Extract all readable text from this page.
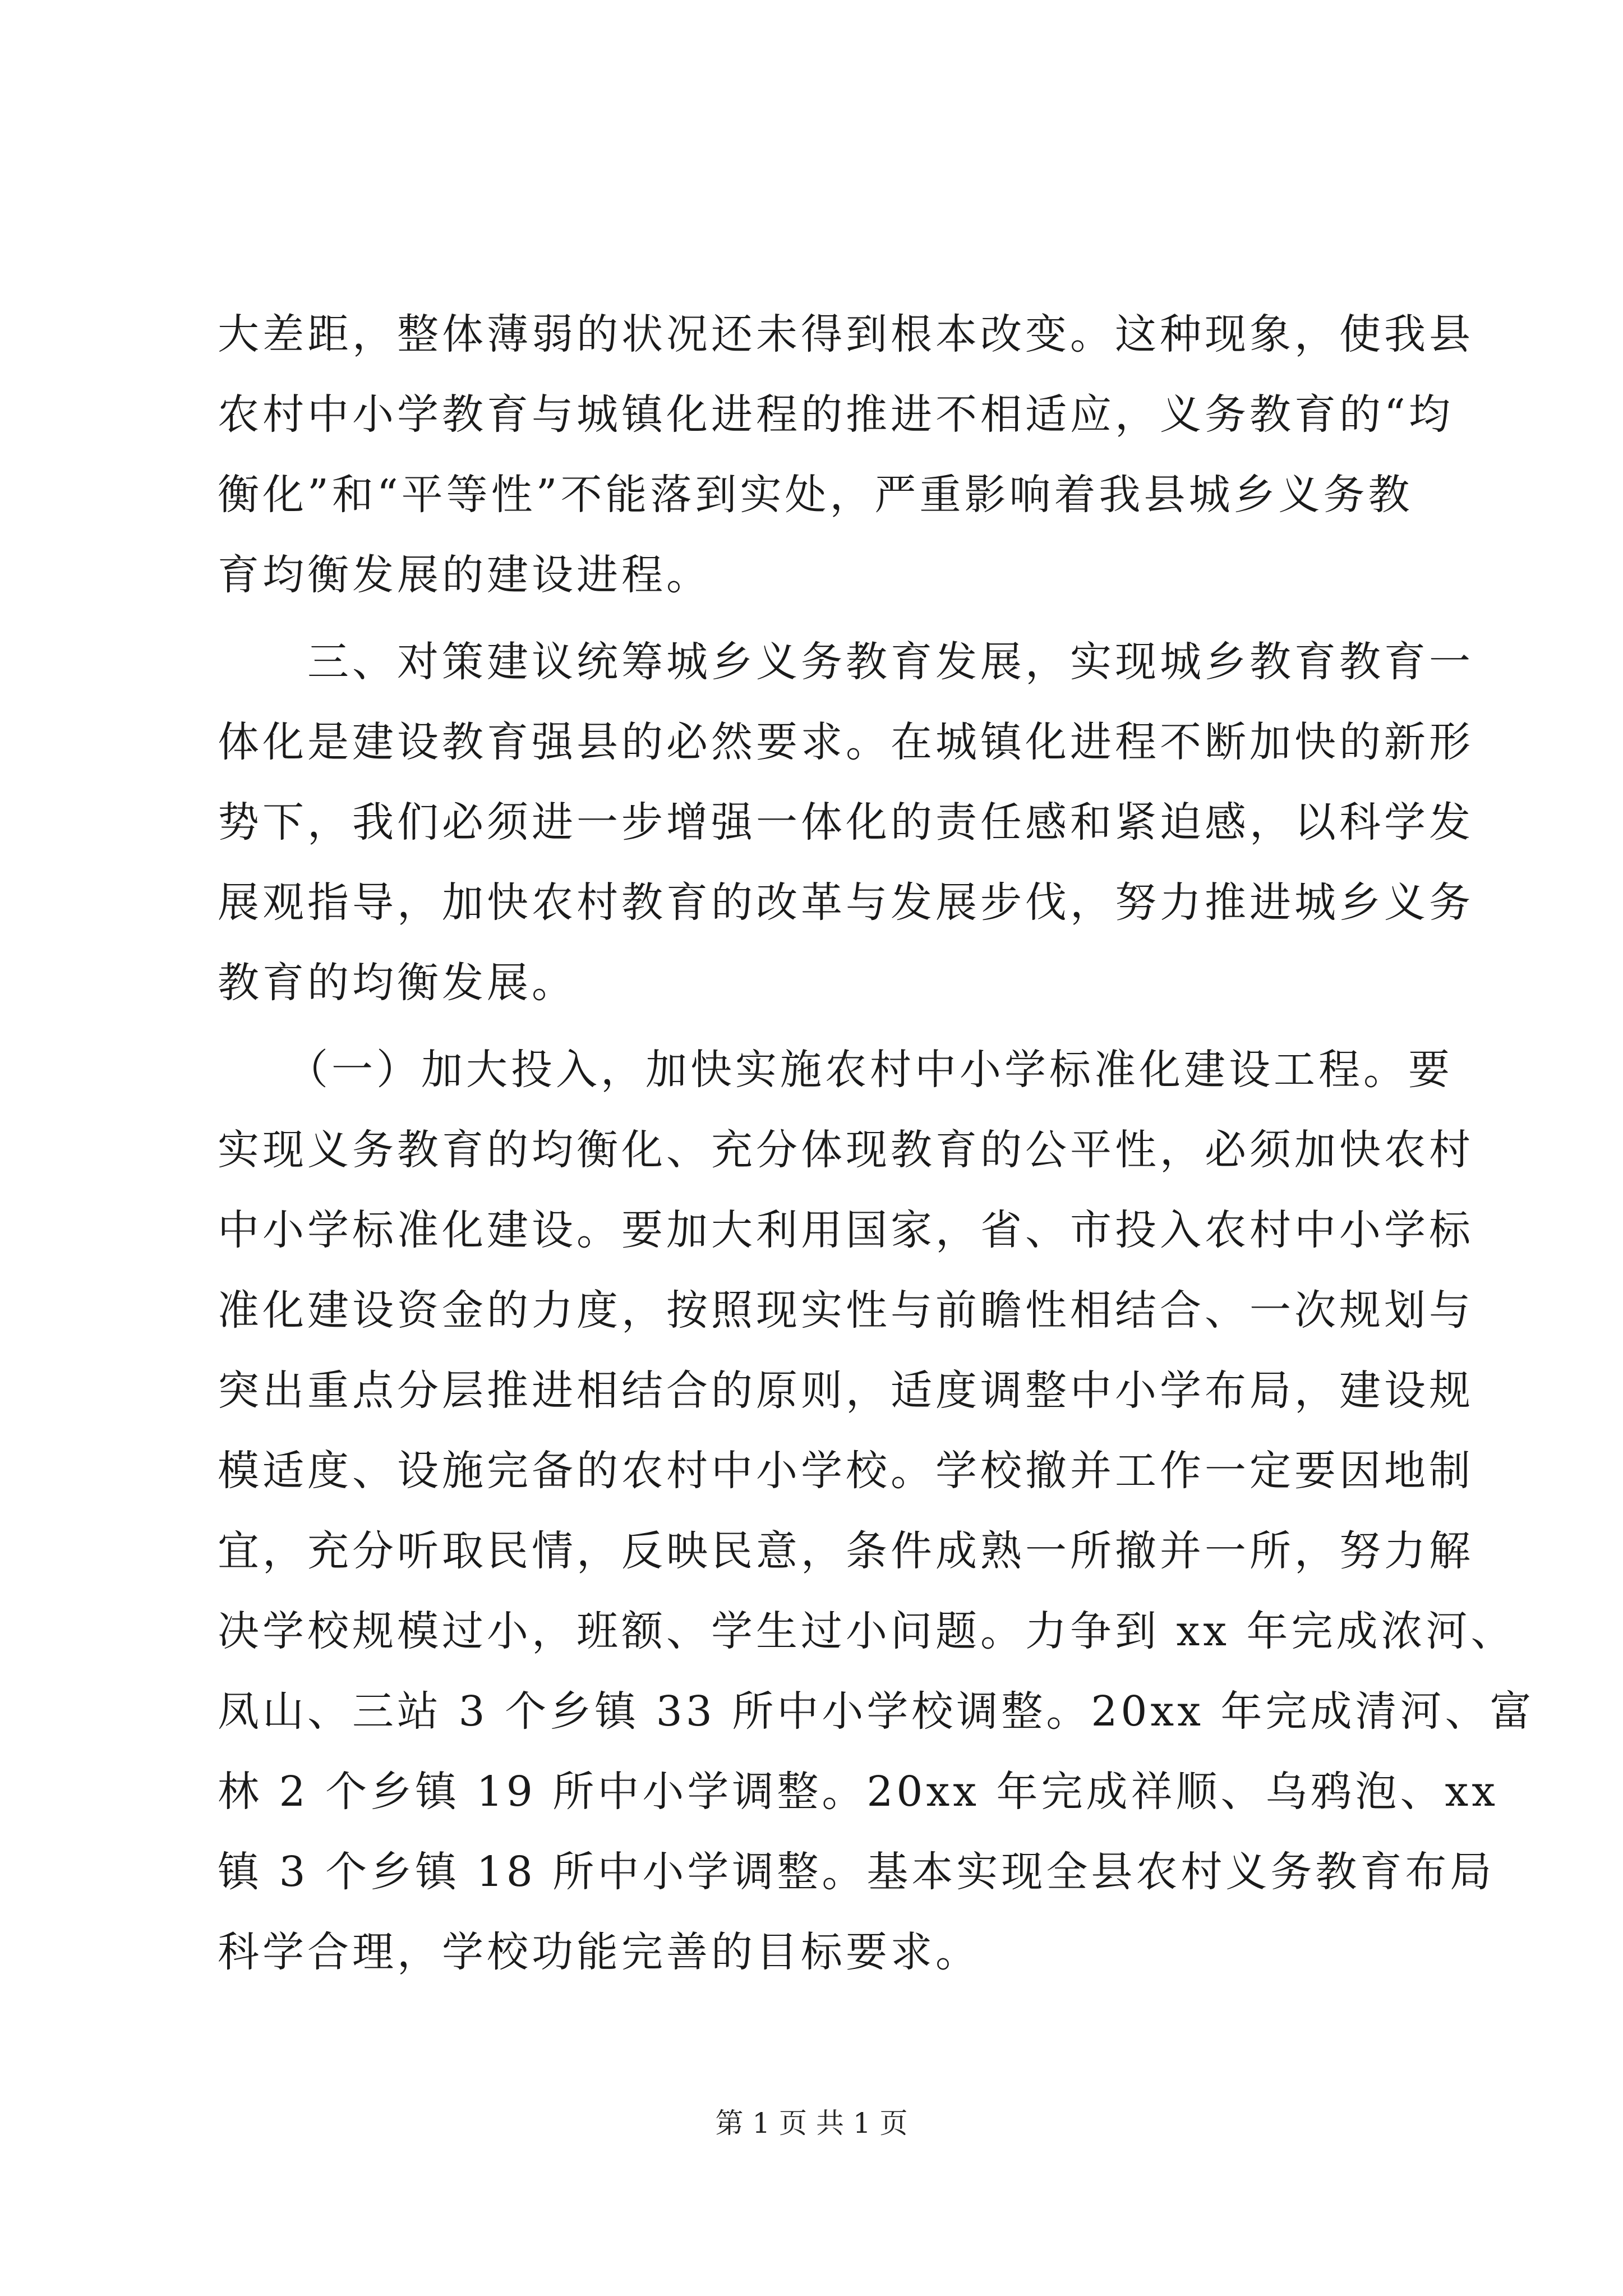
大差距，整体薄弱的状况还未得到根本改变。这种现象，使我县
农村中小学教育与城镇化进程的推进不相适应，义务教育的“均
衡化”和“平等性”不能落到实处，严重影响着我县城乡义务教
育均衡发展的建设进程。
　　三、对策建议统筹城乡义务教育发展，实现城乡教育教育一
体化是建设教育强县的必然要求。在城镇化进程不断加快的新形
势下，我们必须进一步增强一体化的责任感和紧迫感，以科学发
展观指导，加快农村教育的改革与发展步伐，努力推进城乡义务
教育的均衡发展。
　　（一）加大投入，加快实施农村中小学标准化建设工程。要
实现义务教育的均衡化、充分体现教育的公平性，必须加快农村
中小学标准化建设。要加大利用国家，省、市投入农村中小学标
准化建设资金的力度，按照现实性与前瞻性相结合、一次规划与
突出重点分层推进相结合的原则，适度调整中小学布局，建设规
模适度、设施完备的农村中小学校。学校撤并工作一定要因地制
宜，充分听取民情，反映民意，条件成熟一所撤并一所，努力解
决学校规模过小，班额、学生过小问题。力争到 xx 年完成浓河、
凤山、三站 3 个乡镇 33 所中小学校调整。20xx 年完成清河、富
林 2 个乡镇 19 所中小学调整。20xx 年完成祥顺、乌鸦泡、xx
镇 3 个乡镇 18 所中小学调整。基本实现全县农村义务教育布局
科学合理，学校功能完善的目标要求。
第 1 页 共 1 页
